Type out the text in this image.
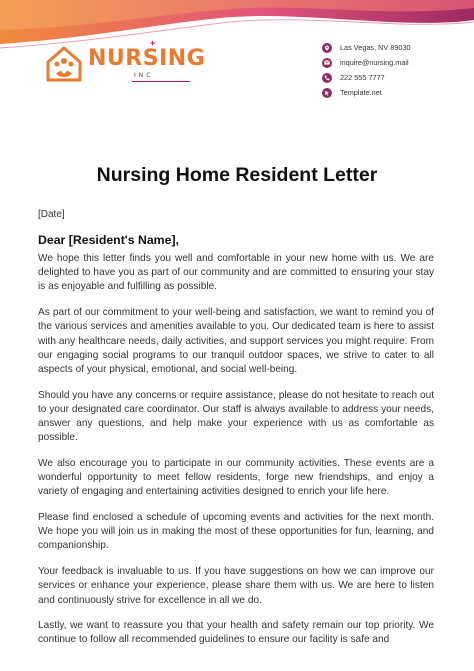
NURSING
+
INC
Las Vegas, NV 89030
inquire@nursing.mail
222 555 7777
Template.net
Nursing Home Resident Letter
[Date]
Dear [Resident's Name],

We hope this letter finds you well and comfortable in your new home with us. We are delighted to have you as part of our community and are committed to ensuring your stay is as enjoyable and fulfilling as possible.

As part of our commitment to your well-being and satisfaction, we want to remind you of the various services and amenities available to you. Our dedicated team is here to assist with any healthcare needs, daily activities, and support services you might require. From our engaging social programs to our tranquil outdoor spaces, we strive to cater to all aspects of your physical, emotional, and social well-being.

Should you have any concerns or require assistance, please do not hesitate to reach out to your designated care coordinator. Our staff is always available to address your needs, answer any questions, and help make your experience with us as comfortable as possible.

We also encourage you to participate in our community activities. These events are a wonderful opportunity to meet fellow residents, forge new friendships, and enjoy a variety of engaging and entertaining activities designed to enrich your life here.

Please find enclosed a schedule of upcoming events and activities for the next month. We hope you will join us in making the most of these opportunities for fun, learning, and companionship.

Your feedback is invaluable to us. If you have suggestions on how we can improve our services or enhance your experience, please share them with us. We are here to listen and continuously strive for excellence in all we do.

Lastly, we want to reassure you that your health and safety remain our top priority. We continue to follow all recommended guidelines to ensure our facility is safe and
